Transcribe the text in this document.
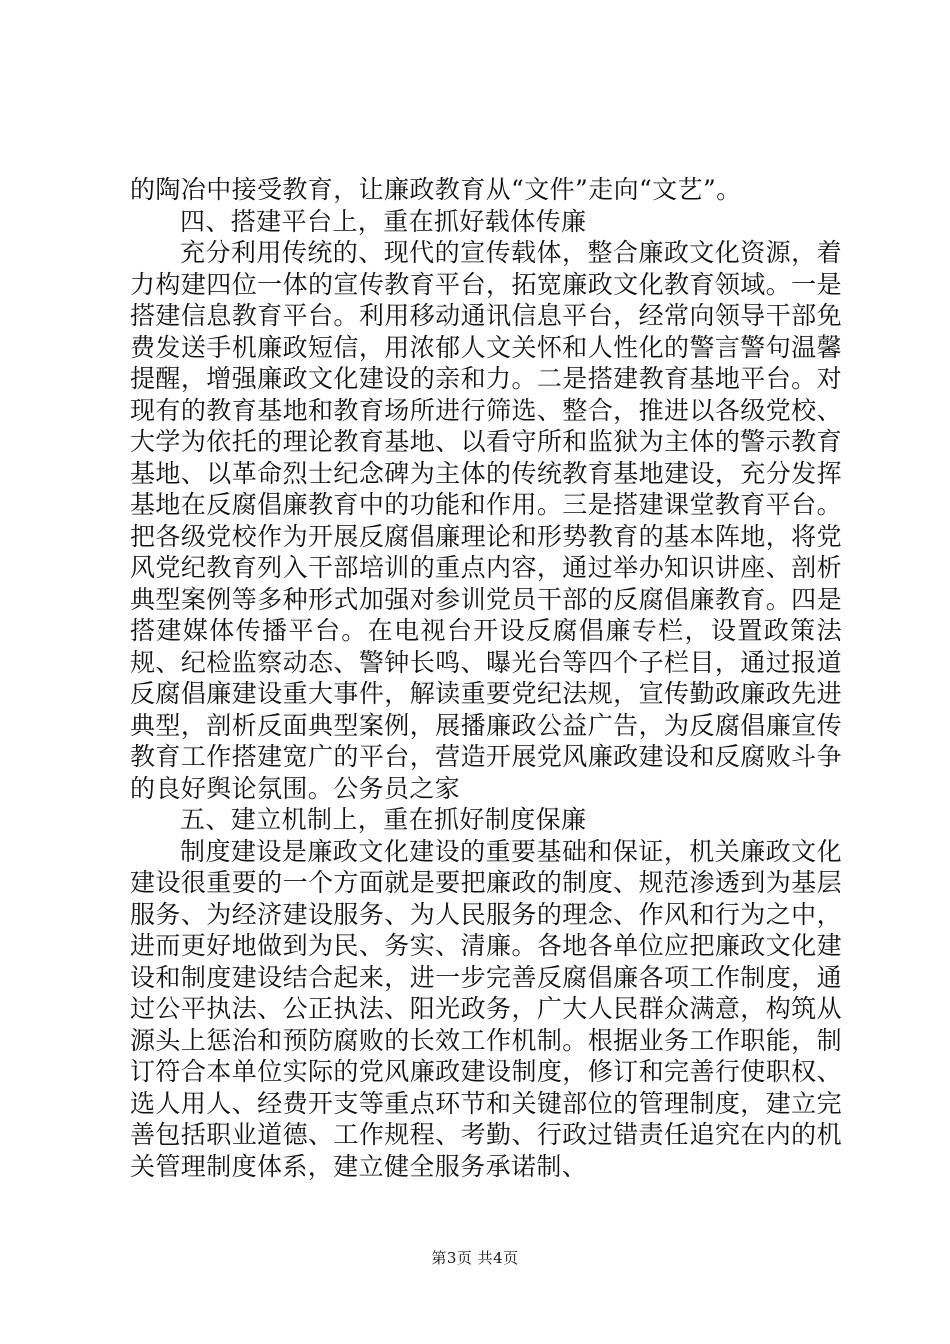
的陶冶中接受教育，让廉政教育从“文件”走向“文艺”。

四、搭建平台上，重在抓好载体传廉

充分利用传统的、现代的宣传载体，整合廉政文化资源，着力构建四位一体的宣传教育平台，拓宽廉政文化教育领域。一是搭建信息教育平台。利用移动通讯信息平台，经常向领导干部免费发送手机廉政短信，用浓郁人文关怀和人性化的警言警句温馨提醒，增强廉政文化建设的亲和力。二是搭建教育基地平台。对现有的教育基地和教育场所进行筛选、整合，推进以各级党校、大学为依托的理论教育基地、以看守所和监狱为主体的警示教育基地、以革命烈士纪念碑为主体的传统教育基地建设，充分发挥基地在反腐倡廉教育中的功能和作用。三是搭建课堂教育平台。把各级党校作为开展反腐倡廉理论和形势教育的基本阵地，将党风党纪教育列入干部培训的重点内容，通过举办知识讲座、剖析典型案例等多种形式加强对参训党员干部的反腐倡廉教育。四是搭建媒体传播平台。在电视台开设反腐倡廉专栏，设置政策法规、纪检监察动态、警钟长鸣、曝光台等四个子栏目，通过报道反腐倡廉建设重大事件，解读重要党纪法规，宣传勤政廉政先进典型，剖析反面典型案例，展播廉政公益广告，为反腐倡廉宣传教育工作搭建宽广的平台，营造开展党风廉政建设和反腐败斗争的良好舆论氛围。公务员之家

五、建立机制上，重在抓好制度保廉

制度建设是廉政文化建设的重要基础和保证，机关廉政文化建设很重要的一个方面就是要把廉政的制度、规范渗透到为基层服务、为经济建设服务、为人民服务的理念、作风和行为之中，进而更好地做到为民、务实、清廉。各地各单位应把廉政文化建设和制度建设结合起来，进一步完善反腐倡廉各项工作制度，通过公平执法、公正执法、阳光政务，广大人民群众满意，构筑从源头上惩治和预防腐败的长效工作机制。根据业务工作职能，制订符合本单位实际的党风廉政建设制度，修订和完善行使职权、选人用人、经费开支等重点环节和关键部位的管理制度，建立完善包括职业道德、工作规程、考勤、行政过错责任追究在内的机关管理制度体系，建立健全服务承诺制、

第3页 共4页
